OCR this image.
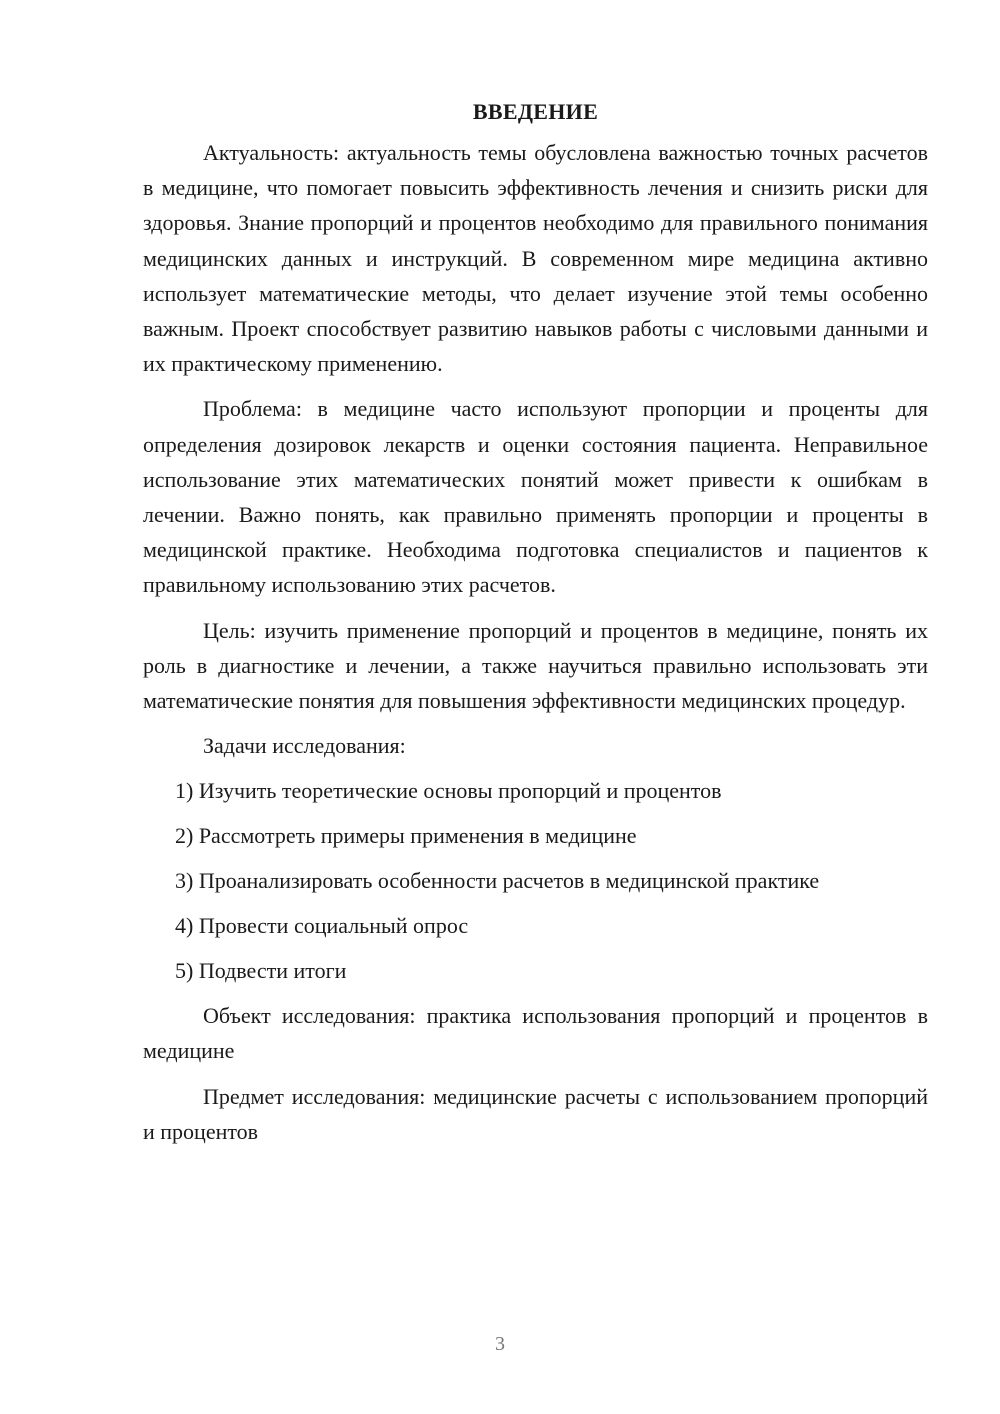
ВВЕДЕНИЕ

Актуальность: актуальность темы обусловлена важностью точных расчетов в медицине, что помогает повысить эффективность лечения и снизить риски для здоровья. Знание пропорций и процентов необходимо для правильного понимания медицинских данных и инструкций. В современном мире медицина активно использует математические методы, что делает изучение этой темы особенно важным. Проект способствует развитию навыков работы с числовыми данными и их практическому применению.

Проблема: в медицине часто используют пропорции и проценты для определения дозировок лекарств и оценки состояния пациента. Неправильное использование этих математических понятий может привести к ошибкам в лечении. Важно понять, как правильно применять пропорции и проценты в медицинской практике. Необходима подготовка специалистов и пациентов к правильному использованию этих расчетов.

Цель: изучить применение пропорций и процентов в медицине, понять их роль в диагностике и лечении, а также научиться правильно использовать эти математические понятия для повышения эффективности медицинских процедур.

Задачи исследования:

1) Изучить теоретические основы пропорций и процентов
2) Рассмотреть примеры применения в медицине
3) Проанализировать особенности расчетов в медицинской практике
4) Провести социальный опрос
5) Подвести итоги

Объект исследования: практика использования пропорций и процентов в медицине

Предмет исследования: медицинские расчеты с использованием пропорций и процентов

3
